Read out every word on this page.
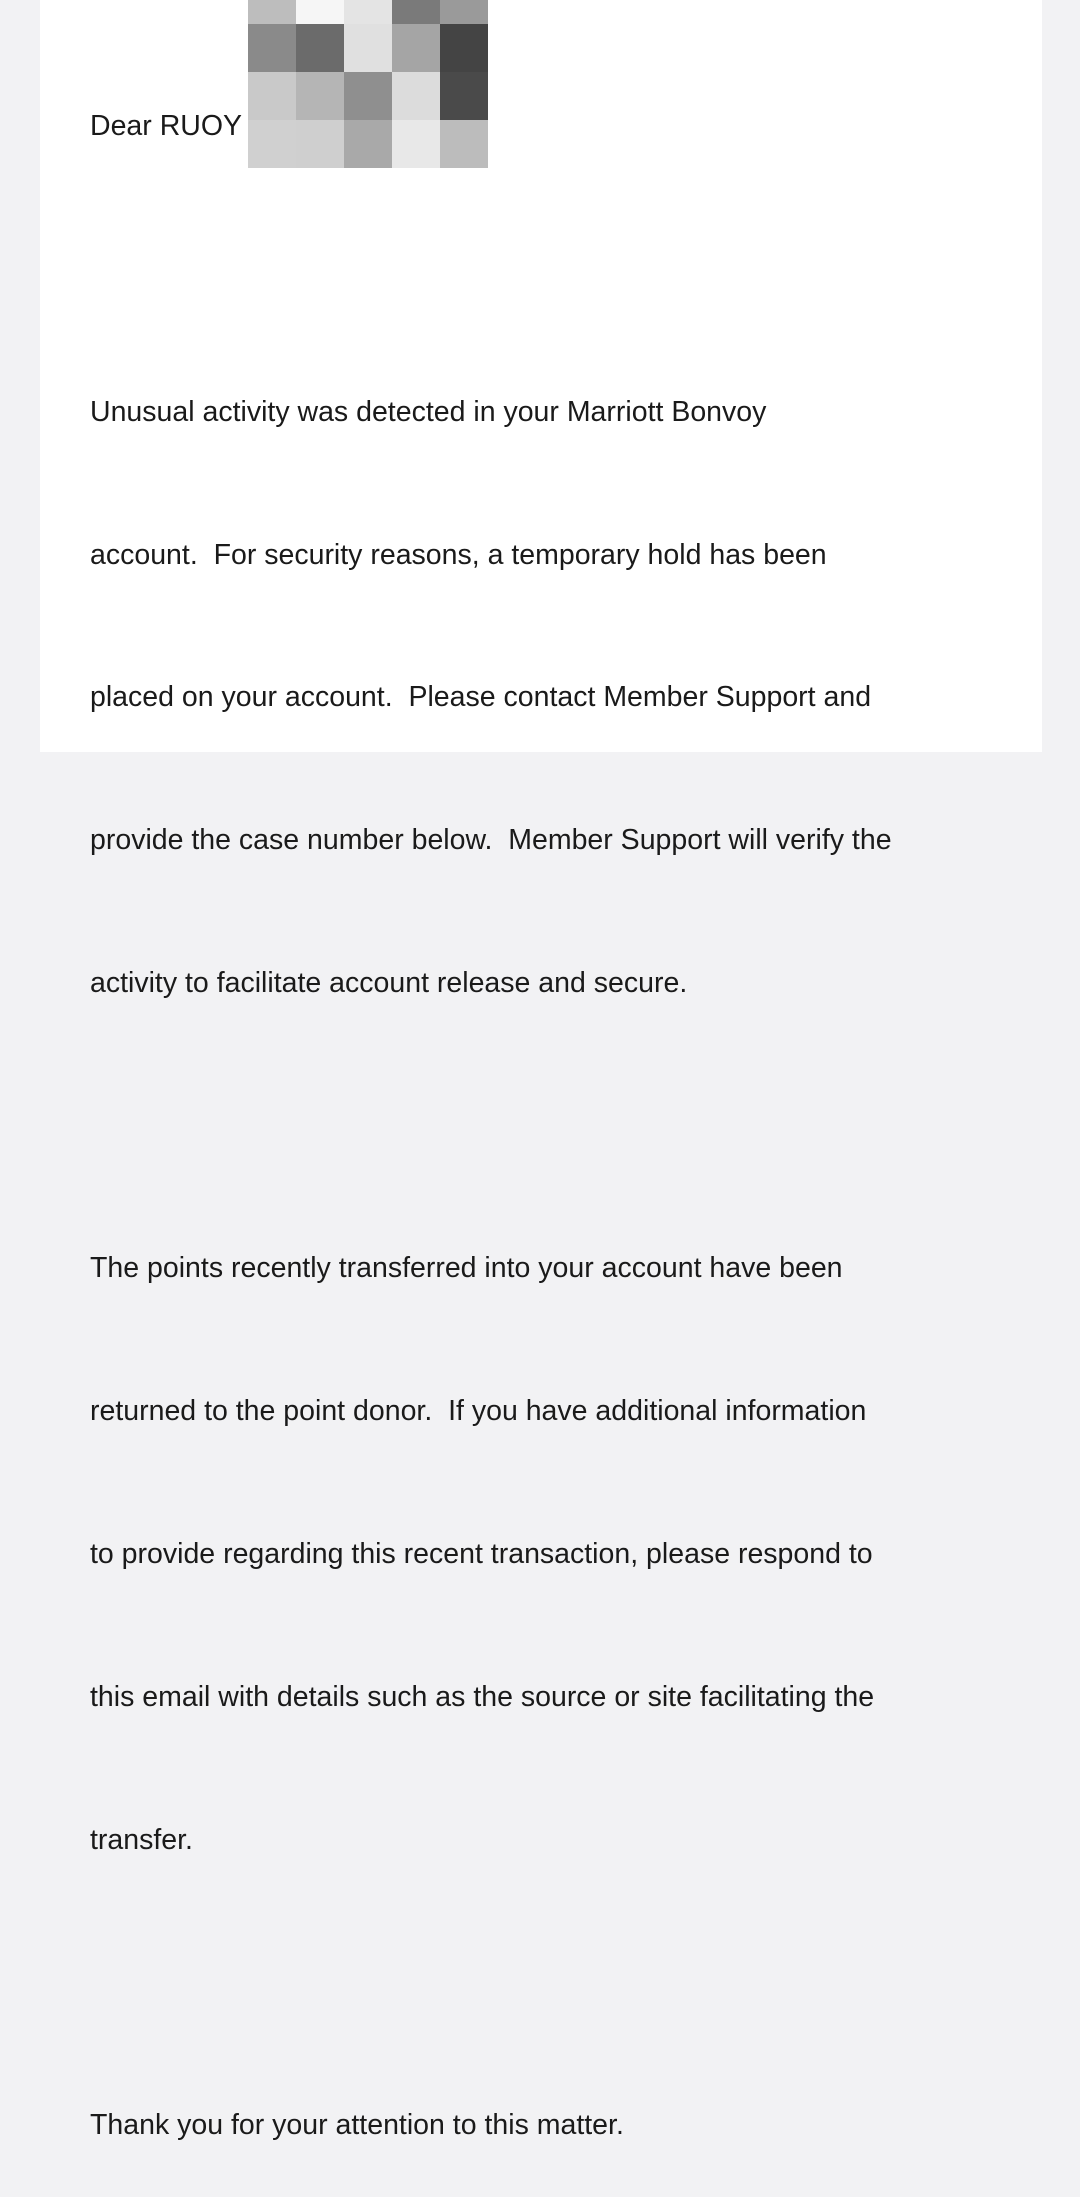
Dear RUOY

Unusual activity was detected in your Marriott Bonvoy

account.  For security reasons, a temporary hold has been

placed on your account.  Please contact Member Support and

provide the case number below.  Member Support will verify the

activity to facilitate account release and secure.

The points recently transferred into your account have been

returned to the point donor.  If you have additional information

to provide regarding this recent transaction, please respond to

this email with details such as the source or site facilitating the

transfer.

Thank you for your attention to this matter.
